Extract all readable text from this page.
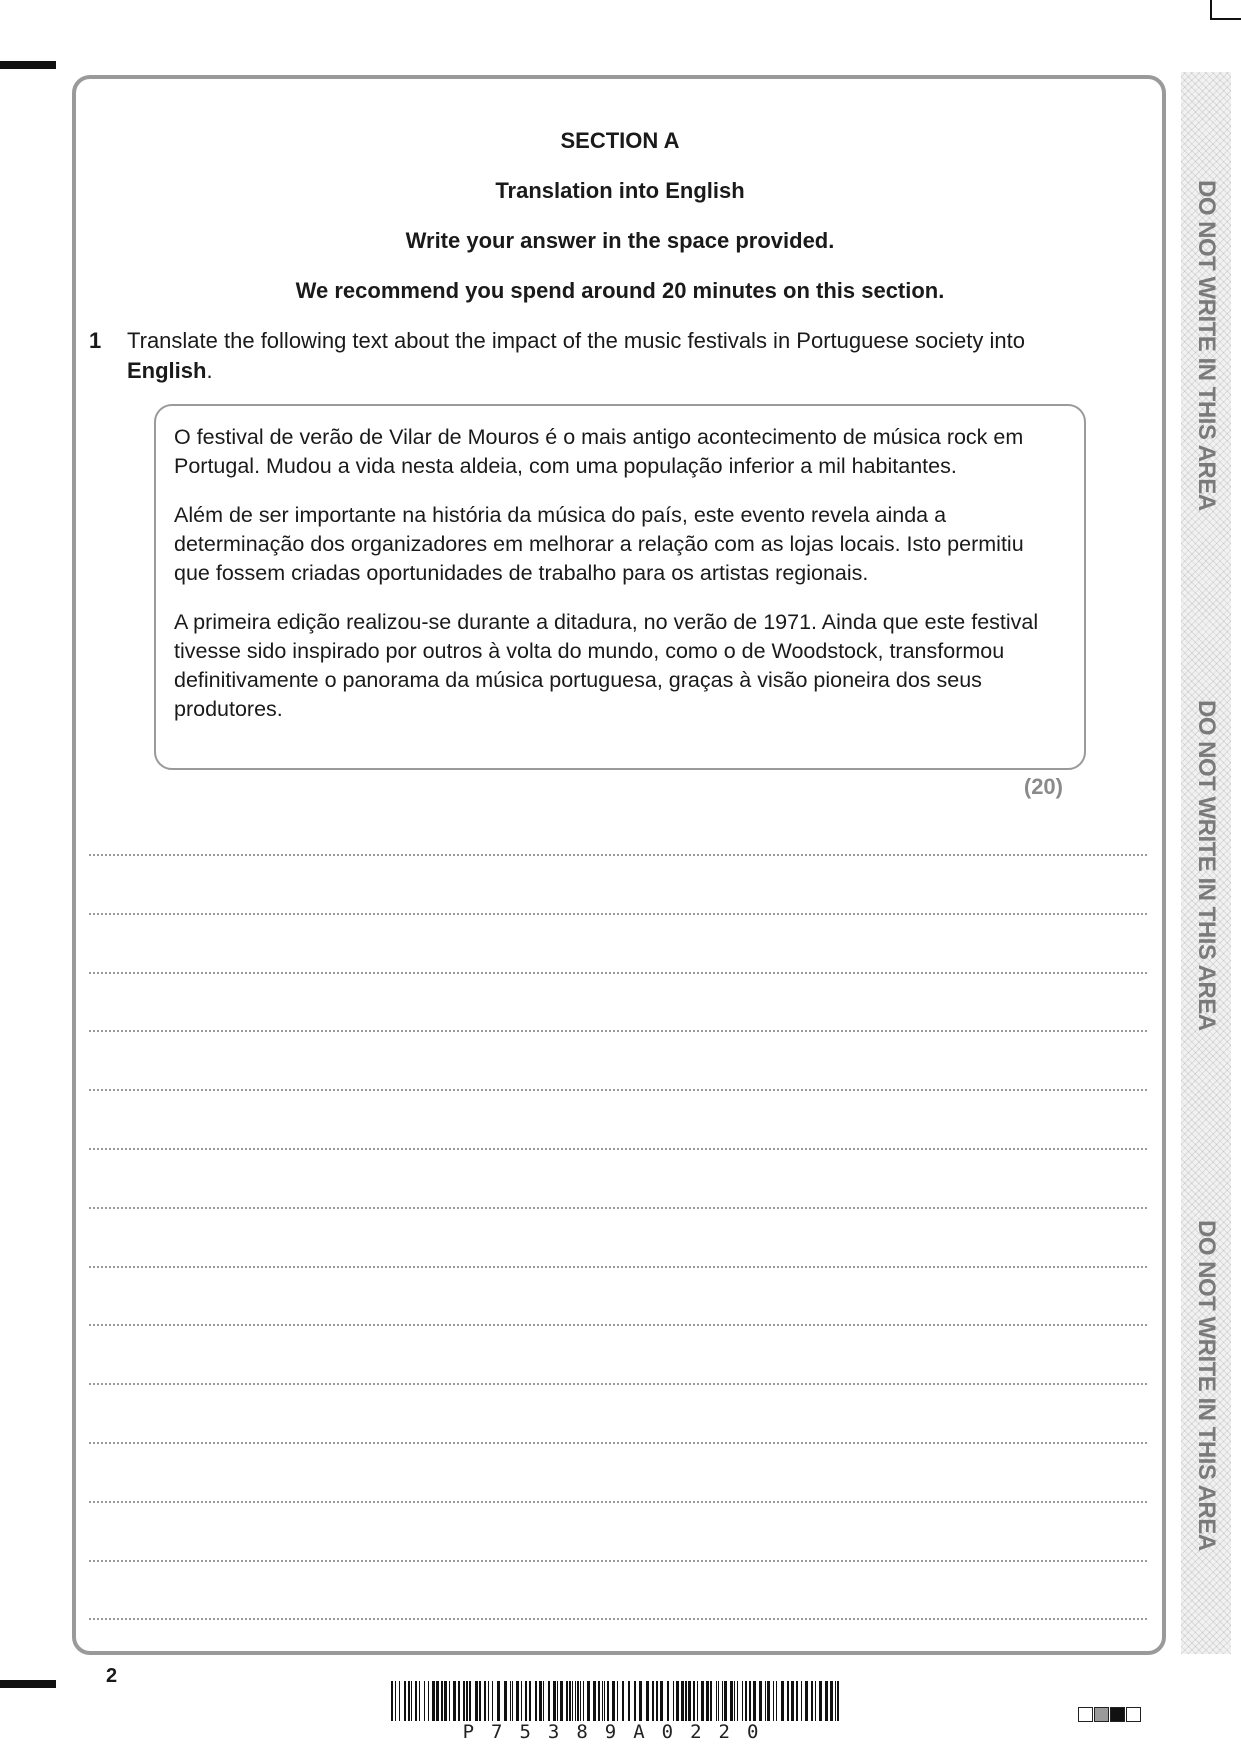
DO NOT WRITE IN THIS AREA
DO NOT WRITE IN THIS AREA
DO NOT WRITE IN THIS AREA
SECTION A
Translation into English
Write your answer in the space provided.
We recommend you spend around 20 minutes on this section.
1 Translate the following text about the impact of the music festivals in Portuguese society into English.

O festival de verão de Vilar de Mouros é o mais antigo acontecimento de música rock em Portugal. Mudou a vida nesta aldeia, com uma população inferior a mil habitantes.

Além de ser importante na história da música do país, este evento revela ainda a determinação dos organizadores em melhorar a relação com as lojas locais. Isto permitiu que fossem criadas oportunidades de trabalho para os artistas regionais.

A primeira edição realizou-se durante a ditadura, no verão de 1971. Ainda que este festival tivesse sido inspirado por outros à volta do mundo, como o de Woodstock, transformou definitivamente o panorama da música portuguesa, graças à visão pioneira dos seus produtores.

(20)
2
P75389A0220
